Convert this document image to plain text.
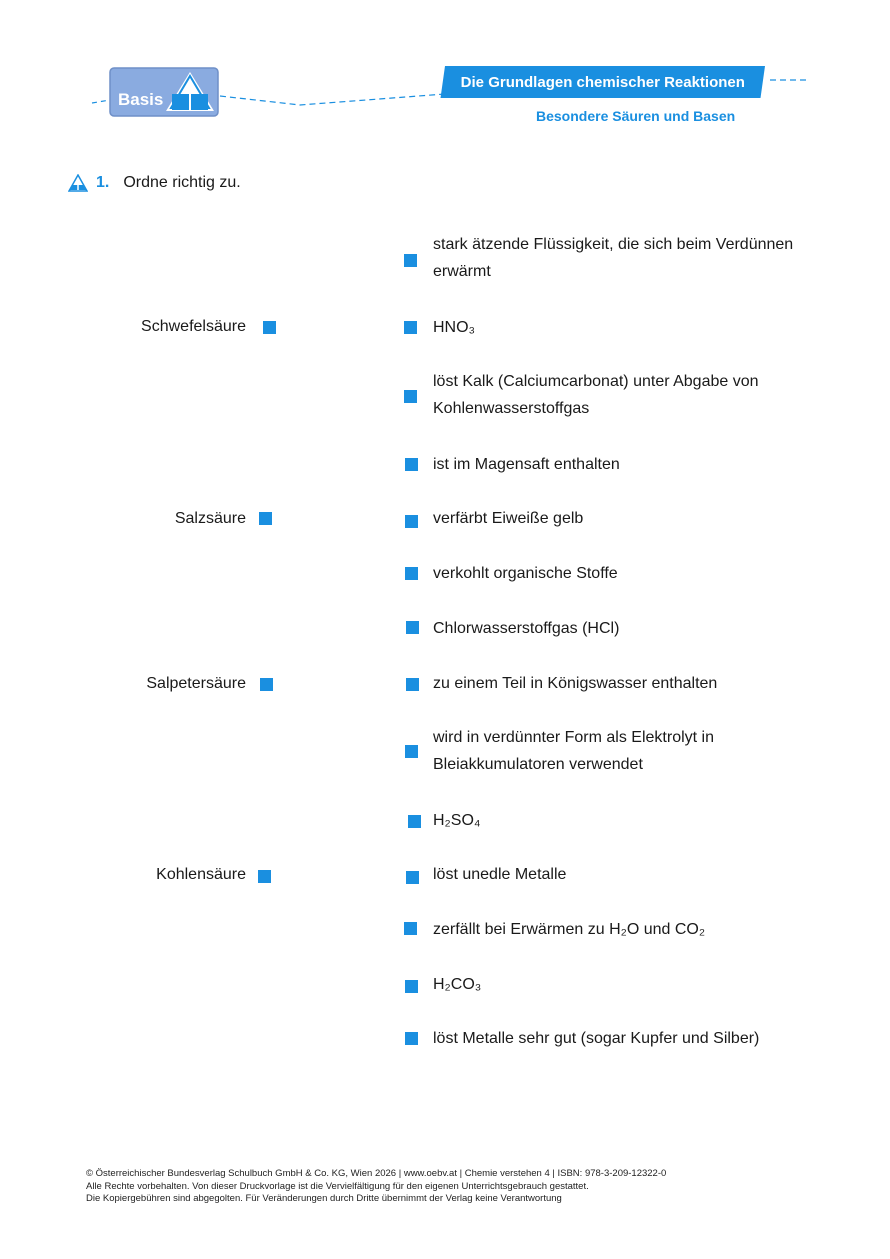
Basis
Die Grundlagen chemischer Reaktionen
Besondere Säuren und Basen
1. Ordne richtig zu.
Schwefelsäure
Salzsäure
Salpetersäure
Kohlensäure
stark ätzende Flüssigkeit, die sich beim Verdünnen erwärmt
HNO₃
löst Kalk (Calciumcarbonat) unter Abgabe von Kohlenwasserstoffgas
ist im Magensaft enthalten
verfärbt Eiweiße gelb
verkohlt organische Stoffe
Chlorwasserstoffgas (HCl)
zu einem Teil in Königswasser enthalten
wird in verdünnter Form als Elektrolyt in Bleiakkumulatoren verwendet
H₂SO₄
löst unedle Metalle
zerfällt bei Erwärmen zu H₂O und CO₂
H₂CO₃
löst Metalle sehr gut (sogar Kupfer und Silber)
© Österreichischer Bundesverlag Schulbuch GmbH & Co. KG, Wien 2026 | www.oebv.at | Chemie verstehen 4 | ISBN: 978-3-209-12322-0
Alle Rechte vorbehalten. Von dieser Druckvorlage ist die Vervielfältigung für den eigenen Unterrichtsgebrauch gestattet.
Die Kopiergebühren sind abgegolten. Für Veränderungen durch Dritte übernimmt der Verlag keine Verantwortung
